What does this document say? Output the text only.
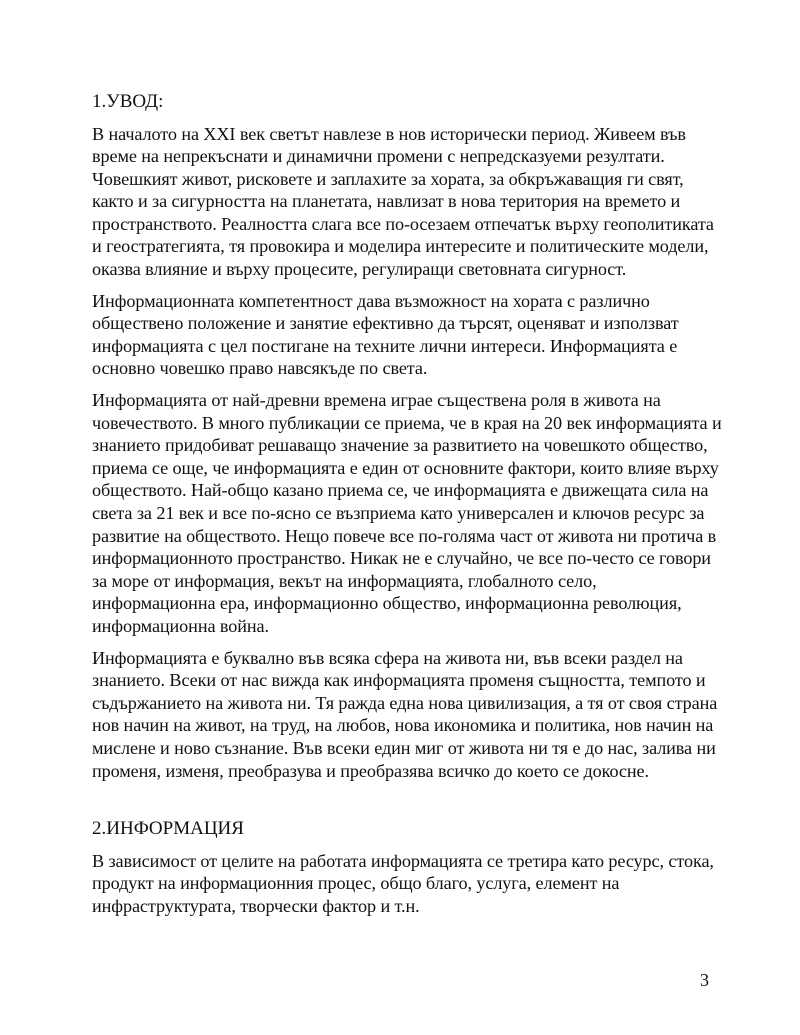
1.УВОД:

В началото на XXI век светът навлезе в нов исторически период. Живеем във време на непрекъснати и динамични промени с непредсказуеми резултати. Човешкият живот, рисковете и заплахите за хората, за обкръжаващия ги свят, както и за сигурността на планетата, навлизат в нова територия на времето и пространството. Реалността слага все по-осезаем отпечатък върху геополитиката и геостратегията, тя провокира и моделира интересите и политическите модели, оказва влияние и върху процесите, регулиращи световната сигурност.

Информационната компетентност дава възможност на хората с различно обществено положение и занятие ефективно да търсят, оценяват и използват информацията с цел постигане на техните лични интереси. Информацията е основно човешко право навсякъде по света.

Информацията от най-древни времена играе съществена роля в живота на човечеството. В много публикации се приема, че в края на 20 век информацията и знанието придобиват решаващо значение за развитието на човешкото общество, приема се още, че информацията е един от основните фактори, които влияе върху обществото. Най-общо казано приема се, че информацията е движещата сила на света за 21 век и все по-ясно се възприема като универсален и ключов ресурс за развитие на обществото. Нещо повече все по-голяма част от живота ни протича в информационното пространство. Никак не е случайно, че все по-често се говори за море от информация, векът на информацията, глобалното село, информационна ера, информационно общество, информационна революция, информационна война.

Информацията е буквално във всяка сфера на живота ни, във всеки раздел на знанието. Всеки от нас вижда как информацията променя същността, темпото и съдържанието на живота ни. Тя ражда една нова цивилизация, а тя от своя страна нов начин на живот, на труд, на любов, нова икономика и политика, нов начин на мислене и ново съзнание. Във всеки един миг от живота ни тя е до нас, залива ни променя, изменя, преобразува и преобразява всичко до което се докосне.

2.ИНФОРМАЦИЯ

В зависимост от целите на работата информацията се третира като ресурс, стока, продукт на информационния процес, общо благо, услуга, елемент на инфраструктурата, творчески фактор и т.н.

3
